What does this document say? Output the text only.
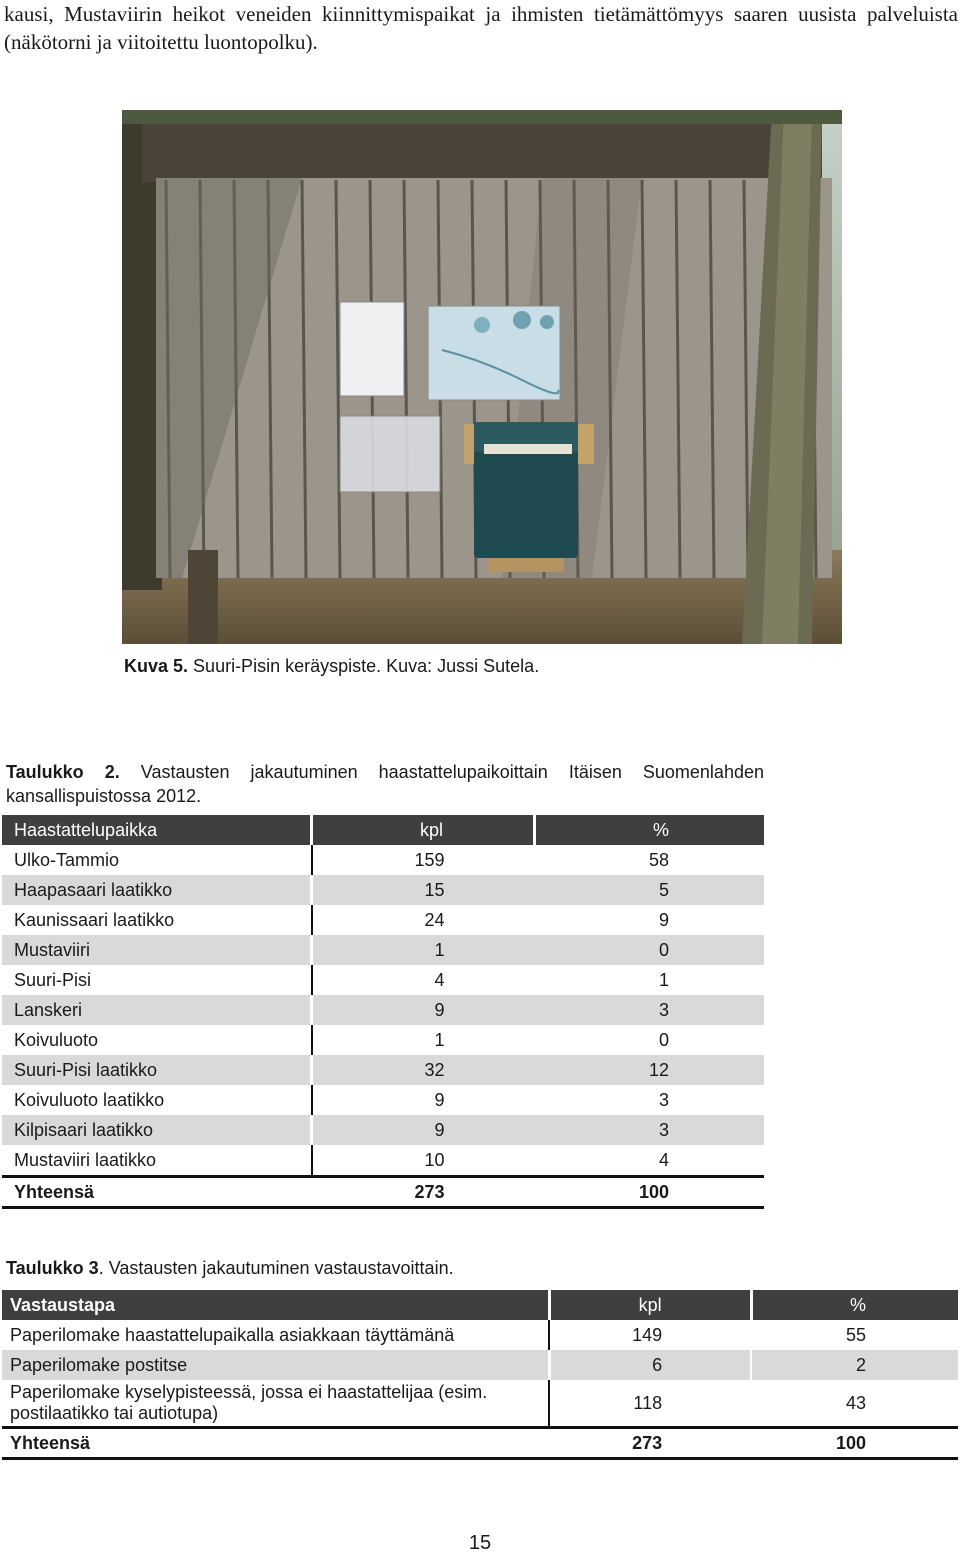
kausi, Mustaviirin heikot veneiden kiinnittymispaikat ja ihmisten tietämättömyys saaren uusista palveluista (näkötorni ja viitoitettu luontopolku).
Kuva 5. Suuri-Pisin keräyspiste. Kuva: Jussi Sutela.
Taulukko 2. Vastausten jakautuminen haastattelupaikoittain Itäisen Suomenlahden kansallispuistossa 2012.
Haastattelupaikka	kpl	%
Ulko-Tammio	159	58
Haapasaari laatikko	15	5
Kaunissaari laatikko	24	9
Mustaviiri	1	0
Suuri-Pisi	4	1
Lanskeri	9	3
Koivuluoto	1	0
Suuri-Pisi laatikko	32	12
Koivuluoto laatikko	9	3
Kilpisaari laatikko	9	3
Mustaviiri laatikko	10	4
Yhteensä	273	100
Taulukko 3. Vastausten jakautuminen vastaustavoittain.
Vastaustapa	kpl	%
Paperilomake haastattelupaikalla asiakkaan täyttämänä	149	55
Paperilomake postitse	6	2
Paperilomake kyselypisteessä, jossa ei haastattelijaa (esim. postilaatikko tai autiotupa)	118	43
Yhteensä	273	100
15
